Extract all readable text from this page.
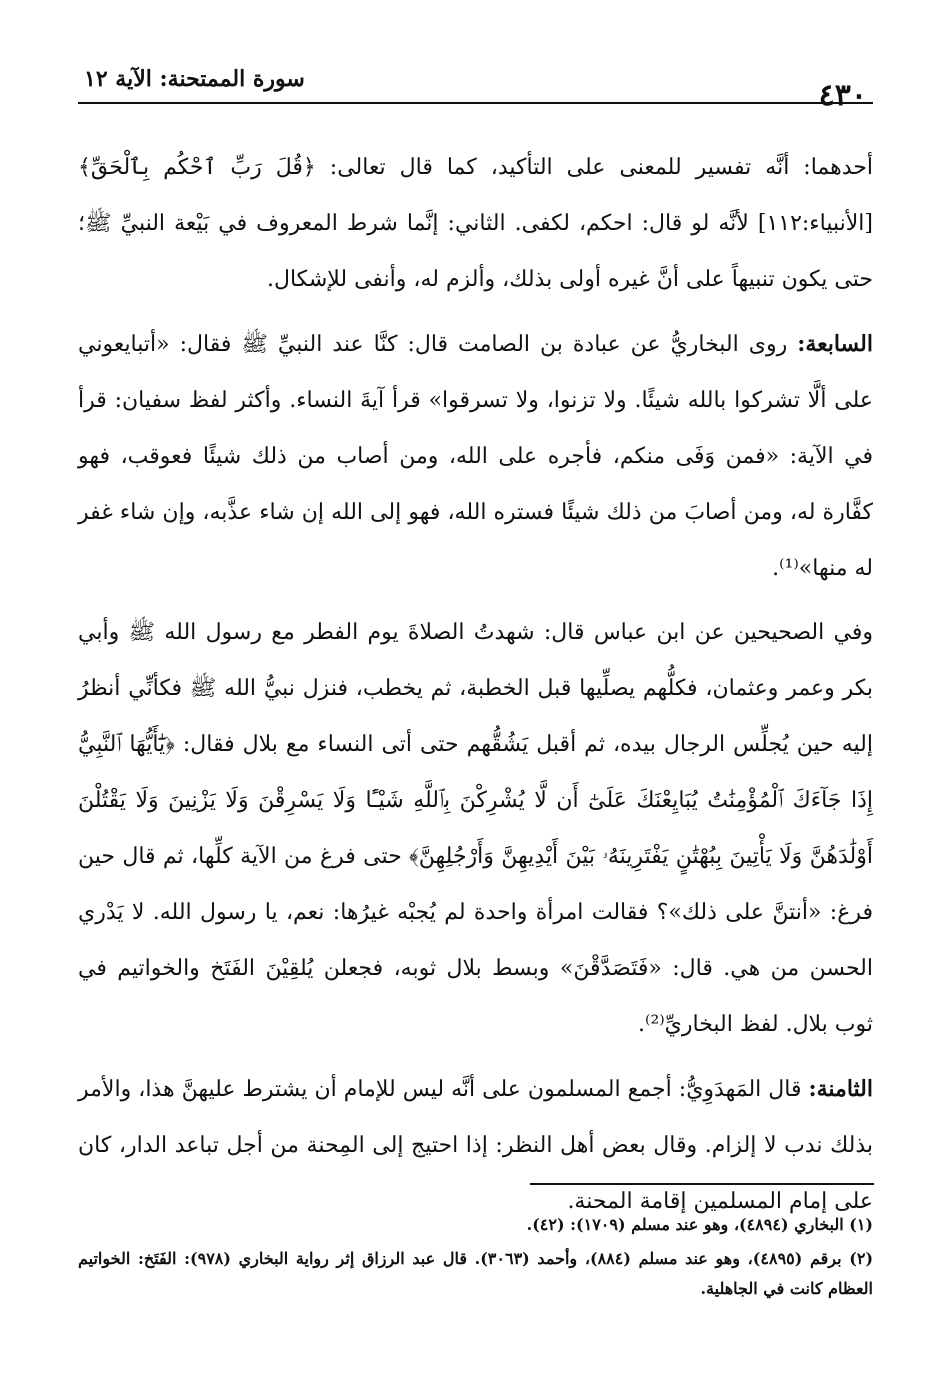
٤٣٠
سورة الممتحنة: الآية ١٢

أحدهما: أنَّه تفسير للمعنى على التأكيد، كما قال تعالى: ﴿قُلَ رَبِّ ٱحْكُم بِٱلْحَقِّ﴾ [الأنبياء:١١٢] لأنَّه لو قال: احكم، لكفى. الثاني: إنَّما شرط المعروف في بَيْعة النبيِّ ﷺ؛ حتى يكون تنبيهاً على أنَّ غيره أولى بذلك، وألزم له، وأنفى للإشكال.

السابعة: روى البخاريُّ عن عبادة بن الصامت قال: كنَّا عند النبيِّ ﷺ فقال: «أتبايعوني على ألَّا تشركوا بالله شيئًا. ولا تزنوا، ولا تسرقوا» قرأ آيةَ النساء. وأكثر لفظ سفيان: قرأ في الآية: «فمن وَفَى منكم، فأجره على الله، ومن أصاب من ذلك شيئًا فعوقب، فهو كفَّارة له، ومن أصابَ من ذلك شيئًا فستره الله، فهو إلى الله إن شاء عذَّبه، وإن شاء غفر له منها»⁽¹⁾.

وفي الصحيحين عن ابن عباس قال: شهدتُ الصلاةَ يوم الفطر مع رسول الله ﷺ وأبي بكر وعمر وعثمان، فكلُّهم يصلِّيها قبل الخطبة، ثم يخطب، فنزل نبيُّ الله ﷺ فكأنِّي أنظرُ إليه حين يُجلِّس الرجال بيده، ثم أقبل يَشُقُّهم حتى أتى النساء مع بلال فقال: ﴿يَٰٓأَيُّهَا ٱلنَّبِيُّ إِذَا جَآءَكَ ٱلْمُؤْمِنَٰتُ يُبَايِعْنَكَ عَلَىٰٓ أَن لَّا يُشْرِكْنَ بِٱللَّهِ شَيْـًٔا وَلَا يَسْرِقْنَ وَلَا يَزْنِينَ وَلَا يَقْتُلْنَ أَوْلَٰدَهُنَّ وَلَا يَأْتِينَ بِبُهْتَٰنٍ يَفْتَرِينَهُۥ بَيْنَ أَيْدِيهِنَّ وَأَرْجُلِهِنَّ﴾ حتى فرغ من الآية كلِّها، ثم قال حين فرغ: «أنتنَّ على ذلك»؟ فقالت امرأة واحدة لم يُجبْه غيرُها: نعم، يا رسول الله. لا يَدْري الحسن من هي. قال: «فَتَصَدَّقْنَ» وبسط بلال ثوبه، فجعلن يُلقِيْنَ الفَتَخ والخواتيم في ثوب بلال. لفظ البخاريِّ⁽²⁾.

الثامنة: قال المَهدَوِيُّ: أجمع المسلمون على أنَّه ليس للإمام أن يشترط عليهنَّ هذا، والأمر بذلك ندب لا إلزام. وقال بعض أهل النظر: إذا احتيج إلى المِحنة من أجل تباعد الدار، كان على إمام المسلمين إقامة المحنة.

(١) البخاري (٤٨٩٤)، وهو عند مسلم (١٧٠٩): (٤٢).

(٢) برقم (٤٨٩٥)، وهو عند مسلم (٨٨٤)، وأحمد (٣٠٦٣). قال عبد الرزاق إثر رواية البخاري (٩٧٨): الفَتَخ: الخواتيم العظام كانت في الجاهلية.
